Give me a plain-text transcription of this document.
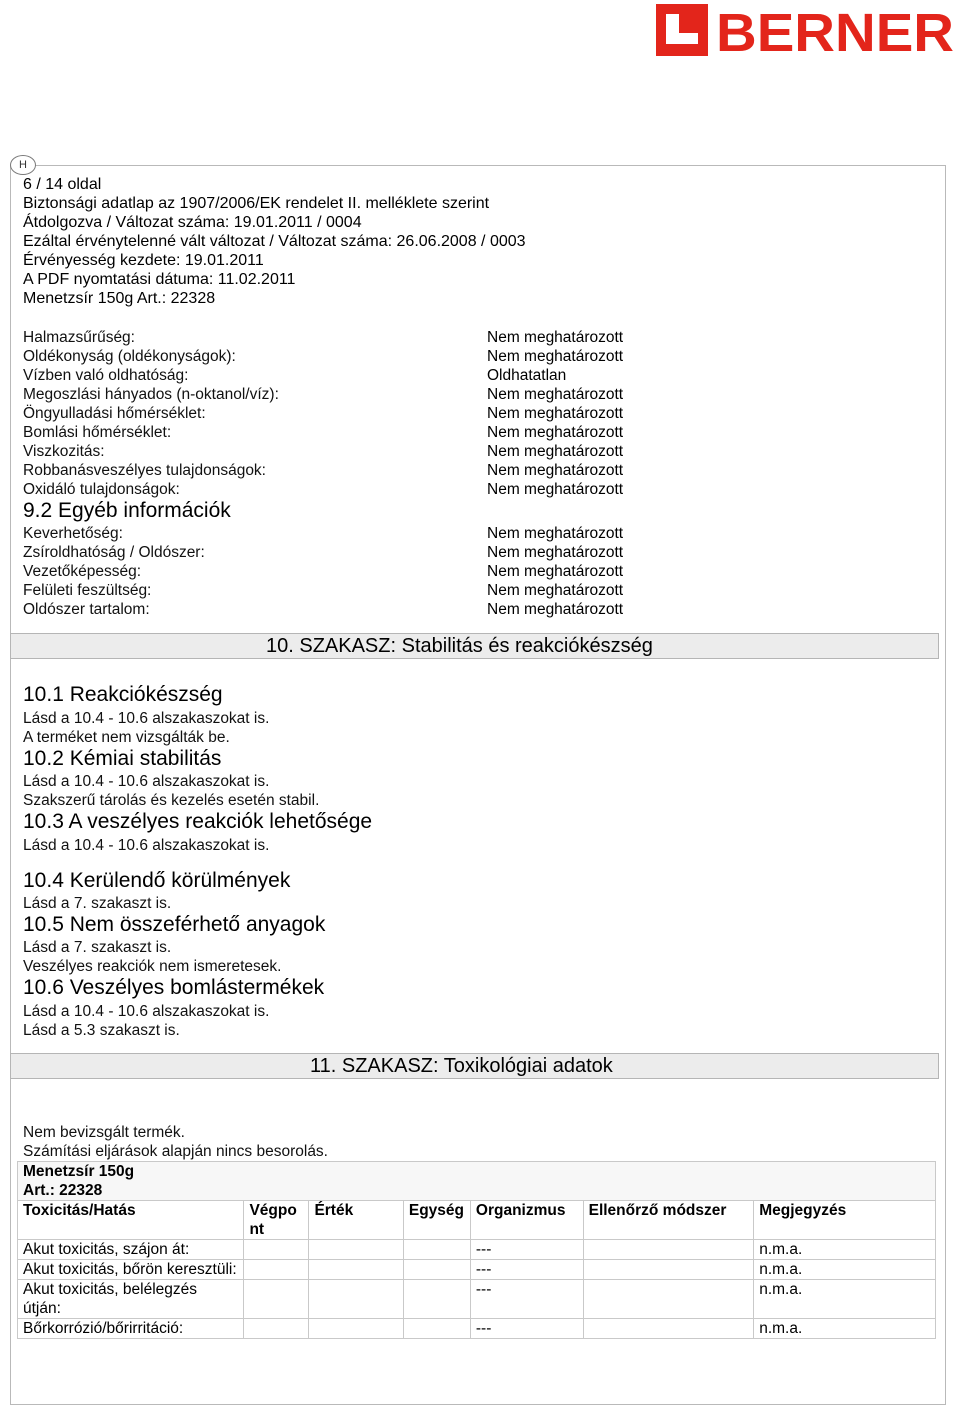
BERNER
H
6 / 14 oldal
Biztonsági adatlap az 1907/2006/EK rendelet II. melléklete szerint
Átdolgozva / Változat száma: 19.01.2011 / 0004
Ezáltal érvénytelenné vált változat / Változat száma: 26.06.2008 / 0003
Érvényesség kezdete: 19.01.2011
A PDF nyomtatási dátuma: 11.02.2011
Menetzsír 150g Art.: 22328
Halmazsűrűség:	Nem meghatározott
Oldékonyság (oldékonyságok):	Nem meghatározott
Vízben való oldhatóság:	Oldhatatlan
Megoszlási hányados (n-oktanol/víz):	Nem meghatározott
Öngyulladási hőmérséklet:	Nem meghatározott
Bomlási hőmérséklet:	Nem meghatározott
Viszkozitás:	Nem meghatározott
Robbanásveszélyes tulajdonságok:	Nem meghatározott
Oxidáló tulajdonságok:	Nem meghatározott
9.2 Egyéb információk
Keverhetőség:	Nem meghatározott
Zsíroldhatóság / Oldószer:	Nem meghatározott
Vezetőképesség:	Nem meghatározott
Felületi feszültség:	Nem meghatározott
Oldószer tartalom:	Nem meghatározott
10. SZAKASZ: Stabilitás és reakciókészség
10.1 Reakciókészség
Lásd a 10.4 - 10.6 alszakaszokat is.
A terméket nem vizsgálták be.
10.2 Kémiai stabilitás
Lásd a 10.4 - 10.6 alszakaszokat is.
Szakszerű tárolás és kezelés esetén stabil.
10.3 A veszélyes reakciók lehetősége
Lásd a 10.4 - 10.6 alszakaszokat is.
10.4 Kerülendő körülmények
Lásd a 7. szakaszt is.
10.5 Nem összeférhető anyagok
Lásd a 7. szakaszt is.
Veszélyes reakciók nem ismeretesek.
10.6 Veszélyes bomlástermékek
Lásd a 10.4 - 10.6 alszakaszokat is.
Lásd a 5.3 szakaszt is.
11. SZAKASZ: Toxikológiai adatok
Nem bevizsgált termék.
Számítási eljárások alapján nincs besorolás.
Menetzsír 150g
Art.: 22328						

Toxicitás/Hatás	Végpont	Érték	Egység	Organizmus	Ellenőrző módszer	Megjegyzés
Akut toxicitás, szájon át:				---		n.m.a.
Akut toxicitás, bőrön keresztüli:				---		n.m.a.
Akut toxicitás, belélegzés útján:				---		n.m.a.
Bőrkorrózió/bőrirritáció:				---		n.m.a.
